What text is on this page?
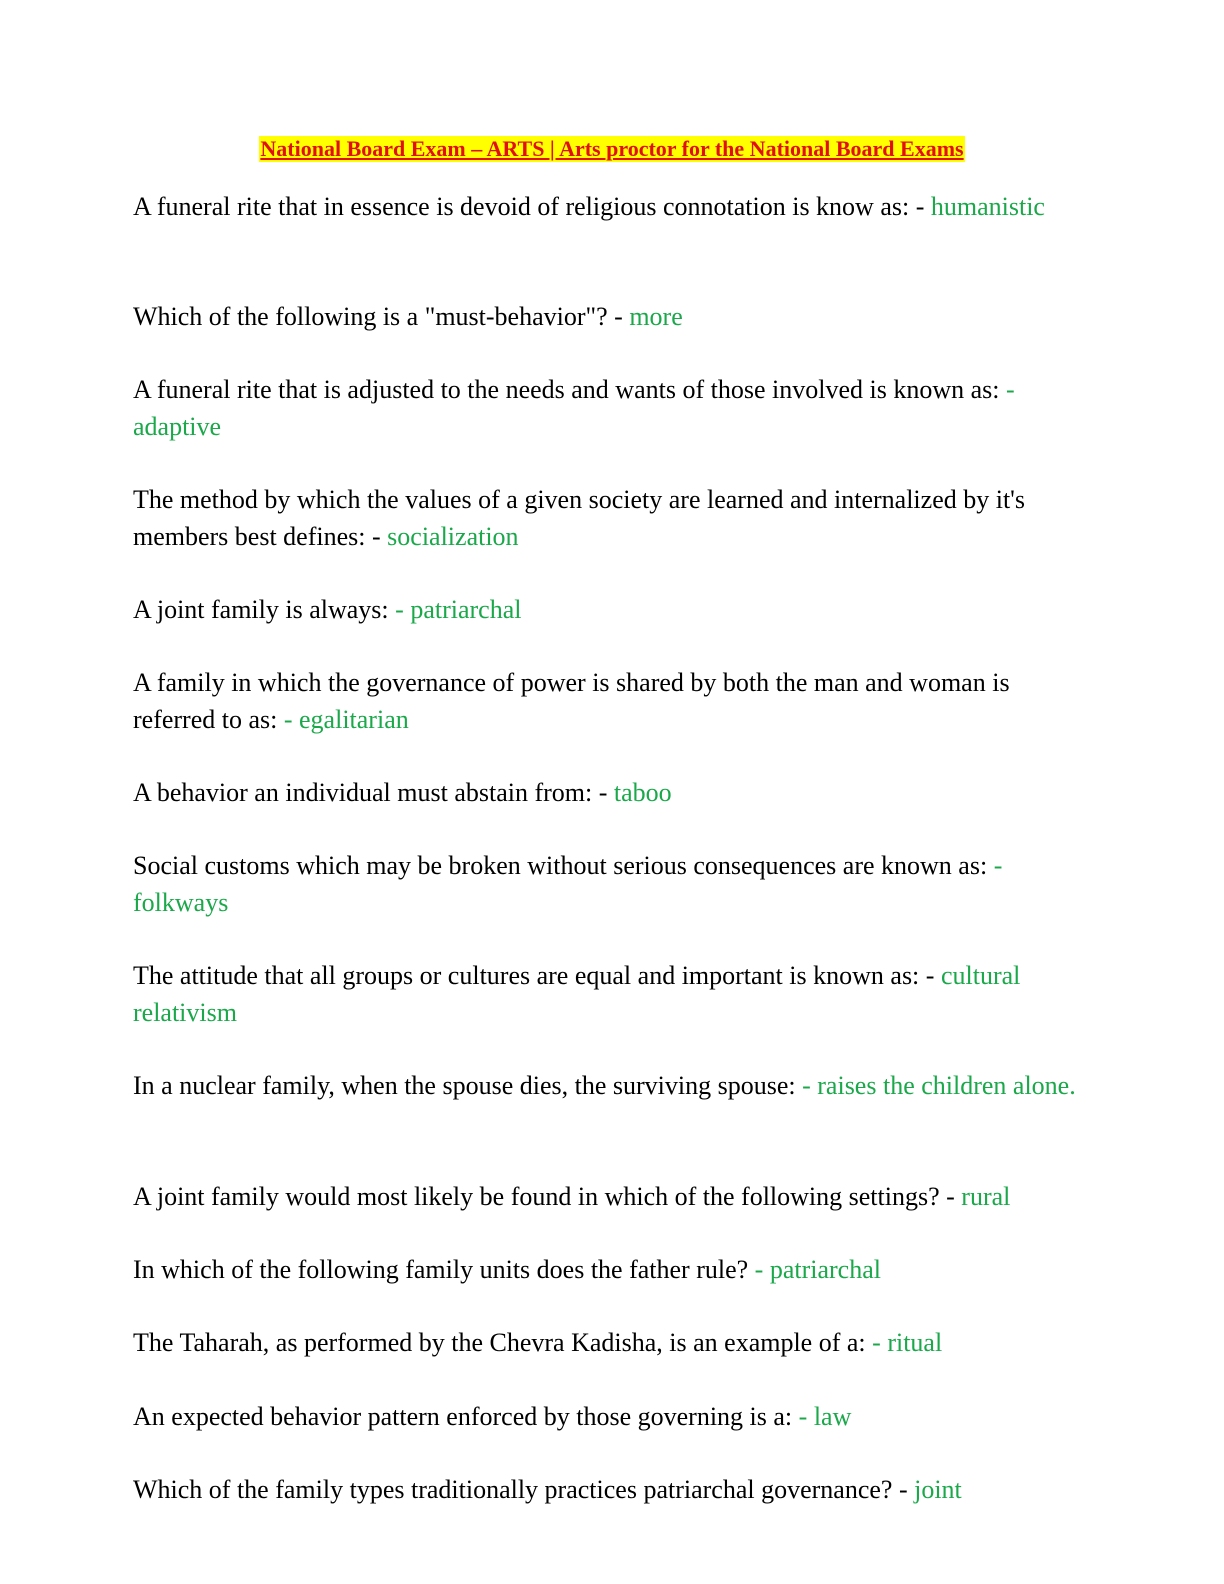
National Board Exam – ARTS | Arts proctor for the National Board Exams

A funeral rite that in essence is devoid of religious connotation is know as: - humanistic

Which of the following is a "must-behavior"? - more

A funeral rite that is adjusted to the needs and wants of those involved is known as: - adaptive

The method by which the values of a given society are learned and internalized by it's members best defines: - socialization

A joint family is always: - patriarchal

A family in which the governance of power is shared by both the man and woman is referred to as: - egalitarian

A behavior an individual must abstain from: - taboo

Social customs which may be broken without serious consequences are known as: - folkways

The attitude that all groups or cultures are equal and important is known as: - cultural relativism

In a nuclear family, when the spouse dies, the surviving spouse: - raises the children alone.

A joint family would most likely be found in which of the following settings? - rural

In which of the following family units does the father rule? - patriarchal

The Taharah, as performed by the Chevra Kadisha, is an example of a: - ritual

An expected behavior pattern enforced by those governing is a: - law

Which of the family types traditionally practices patriarchal governance? - joint
